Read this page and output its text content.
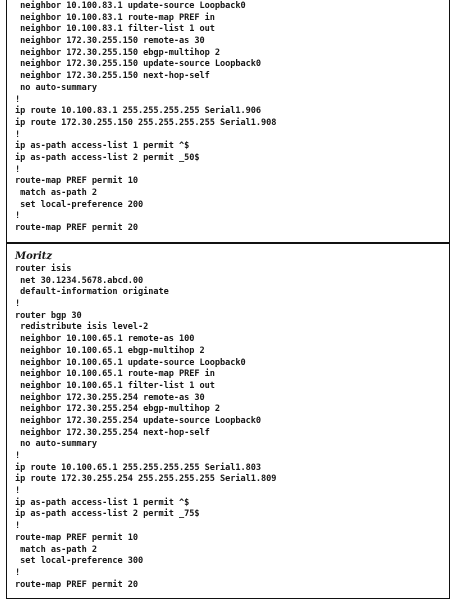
neighbor 10.100.83.1 update-source Loopback0
neighbor 10.100.83.1 route-map PREF in
neighbor 10.100.83.1 filter-list 1 out
neighbor 172.30.255.150 remote-as 30
neighbor 172.30.255.150 ebgp-multihop 2
neighbor 172.30.255.150 update-source Loopback0
neighbor 172.30.255.150 next-hop-self
no auto-summary
!
ip route 10.100.83.1 255.255.255.255 Serial1.906
ip route 172.30.255.150 255.255.255.255 Serial1.908
!
ip as-path access-list 1 permit ^$
ip as-path access-list 2 permit _50$
!
route-map PREF permit 10
match as-path 2
set local-preference 200
!
route-map PREF permit 20
Moritz
router isis
net 30.1234.5678.abcd.00
default-information originate
!
router bgp 30
redistribute isis level-2
neighbor 10.100.65.1 remote-as 100
neighbor 10.100.65.1 ebgp-multihop 2
neighbor 10.100.65.1 update-source Loopback0
neighbor 10.100.65.1 route-map PREF in
neighbor 10.100.65.1 filter-list 1 out
neighbor 172.30.255.254 remote-as 30
neighbor 172.30.255.254 ebgp-multihop 2
neighbor 172.30.255.254 update-source Loopback0
neighbor 172.30.255.254 next-hop-self
no auto-summary
!
ip route 10.100.65.1 255.255.255.255 Serial1.803
ip route 172.30.255.254 255.255.255.255 Serial1.809
!
ip as-path access-list 1 permit ^$
ip as-path access-list 2 permit _75$
!
route-map PREF permit 10
match as-path 2
set local-preference 300
!
route-map PREF permit 20
